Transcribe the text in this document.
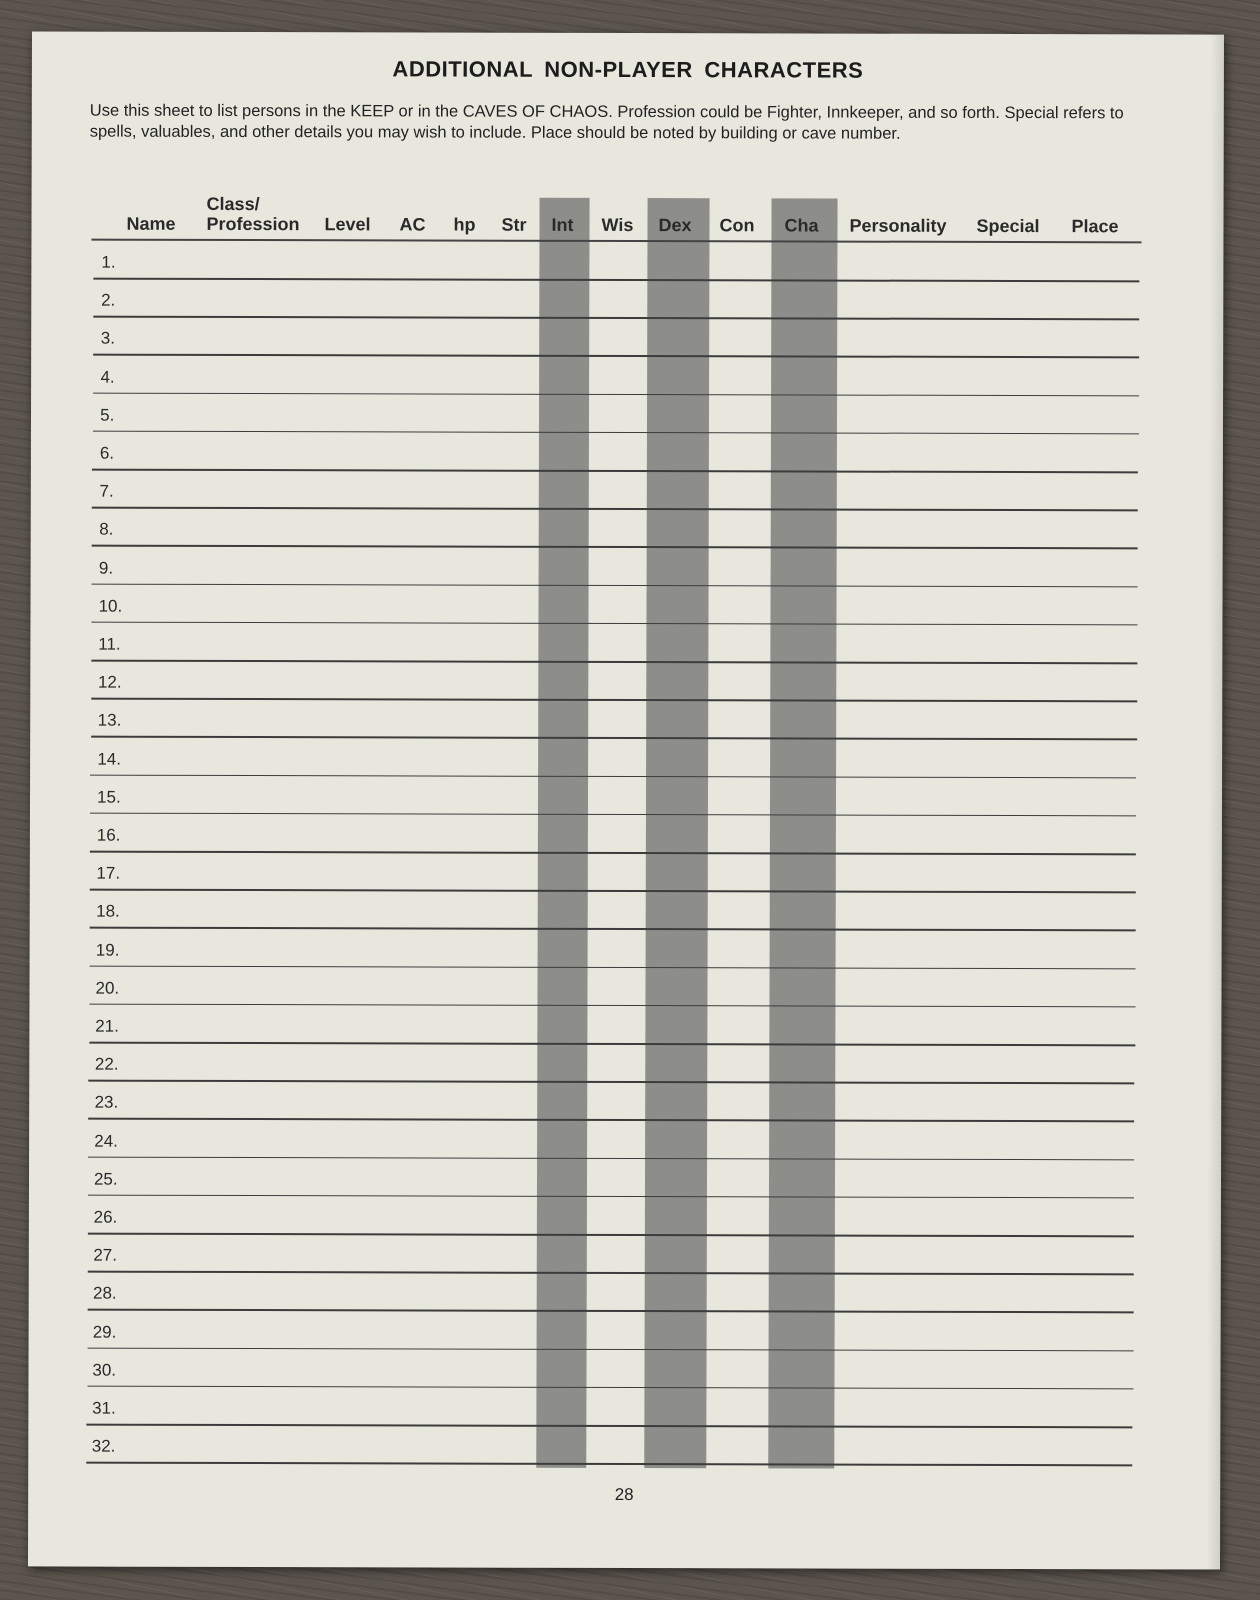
ADDITIONAL NON-PLAYER CHARACTERS
Use this sheet to list persons in the KEEP or in the CAVES OF CHAOS. Profession could be Fighter, Innkeeper, and so forth. Special refers to spells, valuables, and other details you may wish to include. Place should be noted by building or cave number.
Name
Class/
Profession Level AC hp Str Int Wis Dex Con Cha Personality Special Place
1.
2.
3.
4.
5.
6.
7.
8.
9.
10.
11.
12.
13.
14.
15.
16.
17.
18.
19.
20.
21.
22.
23.
24.
25.
26.
27.
28.
29.
30.
31.
32.
28
